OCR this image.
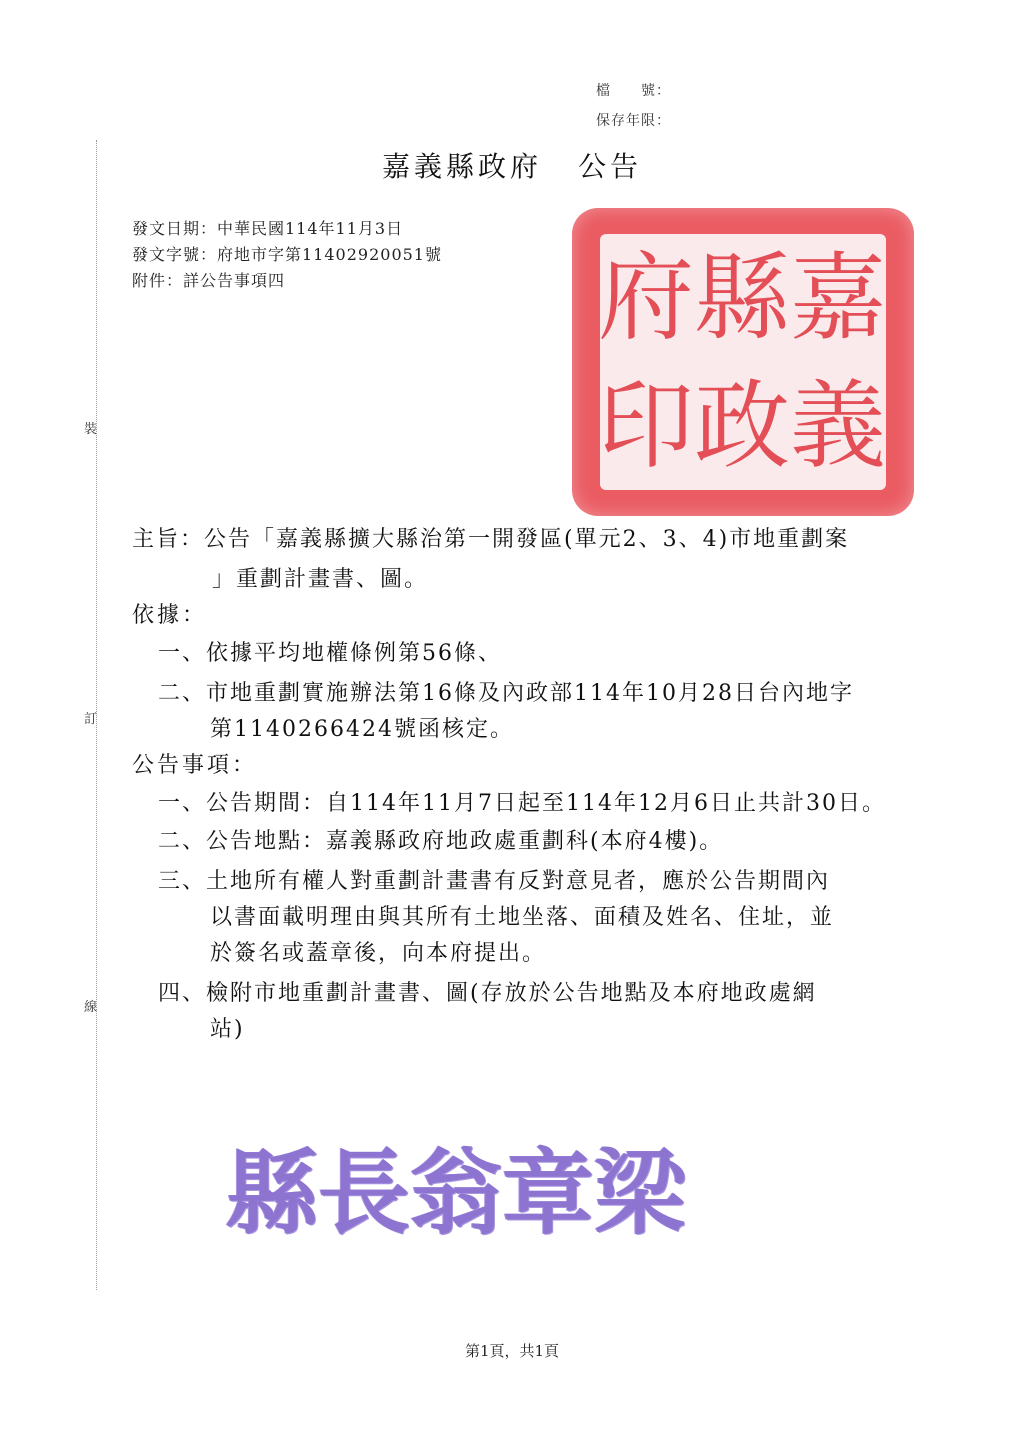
裝
訂
線
檔　　號：
保存年限：
嘉義縣政府 公告
發文日期：中華民國114年11月3日
發文字號：府地市字第11402920051號
附件：詳公告事項四	嘉
縣
府
義
政
印
主旨：公告「嘉義縣擴大縣治第一開發區(單元2、3、4)市地重劃案
」重劃計畫書、圖。
依據：
一、依據平均地權條例第56條、
二、市地重劃實施辦法第16條及內政部114年10月28日台內地字
第1140266424號函核定。
公告事項：
一、公告期間：自114年11月7日起至114年12月6日止共計30日。
二、公告地點：嘉義縣政府地政處重劃科(本府4樓)。
三、土地所有權人對重劃計畫書有反對意見者，應於公告期間內
以書面載明理由與其所有土地坐落、面積及姓名、住址，並
於簽名或蓋章後，向本府提出。
四、檢附市地重劃計畫書、圖(存放於公告地點及本府地政處網
站)
縣 長 翁 章 梁
第1頁，共1頁
